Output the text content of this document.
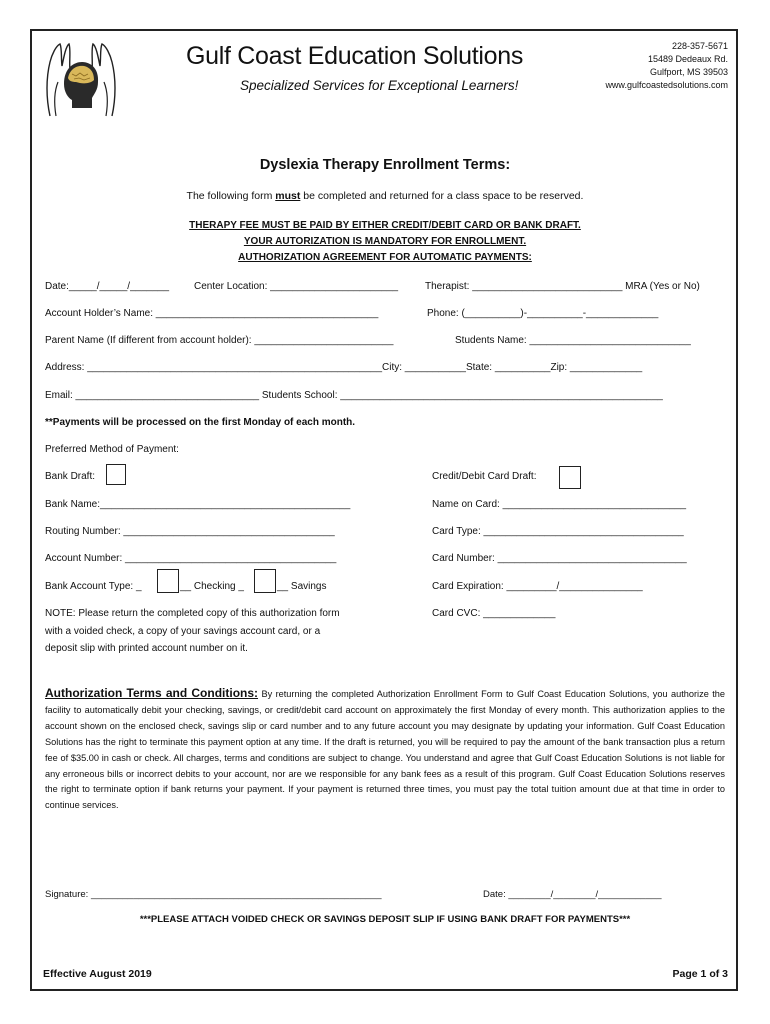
Gulf Coast Education Solutions
Specialized Services for Exceptional Learners!
228-357-5671
15489 Dedeaux Rd.
Gulfport, MS 39503
www.gulfcoastedsolutions.com
Dyslexia Therapy Enrollment Terms:
The following form must be completed and returned for a class space to be reserved.
THERAPY FEE MUST BE PAID BY EITHER CREDIT/DEBIT CARD OR BANK DRAFT.
YOUR AUTORIZATION IS MANDATORY FOR ENROLLMENT.
AUTHORIZATION AGREEMENT FOR AUTOMATIC PAYMENTS:
Date:_____/_____/_______ Center Location: _______________________	Therapist: ___________________________ MRA (Yes or No)
Account Holder’s Name: ________________________________________	Phone: (__________)-__________-_____________
Parent Name (If different from account holder): _________________________	Students Name: _____________________________
Address: _____________________________________________________City: ___________State: __________Zip: _____________
Email: _________________________________ Students School: __________________________________________________________
**Payments will be processed on the first Monday of each month.
Preferred Method of Payment:
Bank Draft:
Bank Name:_____________________________________________
Routing Number: ______________________________________
Account Number: ______________________________________
Bank Account Type: _	__ Checking _	__ Savings
Credit/Debit Card Draft:
Name on Card: _________________________________
Card Type: ____________________________________
Card Number: __________________________________
Card Expiration: _________/_______________
Card CVC: _____________
NOTE: Please return the completed copy of this authorization form
with a voided check, a copy of your savings account card, or a
deposit slip with printed account number on it.
Authorization Terms and Conditions: By returning the completed Authorization Enrollment Form to Gulf Coast Education Solutions, you authorize the facility to automatically debit your checking, savings, or credit/debit card account on approximately the first Monday of every month. This authorization applies to the account shown on the enclosed check, savings slip or card number and to any future account you may designate by updating your information. Gulf Coast Education Solutions has the right to terminate this payment option at any time. If the draft is returned, you will be required to pay the amount of the bank transaction plus a return fee of $35.00 in cash or check. All charges, terms and conditions are subject to change. You understand and agree that Gulf Coast Education Solutions is not liable for any erroneous bills or incorrect debits to your account, nor are we responsible for any bank fees as a result of this program. Gulf Coast Education Solutions reserves the right to terminate option if bank returns your payment. If your payment is returned three times, you must pay the total tuition amount due at that time in order to continue services.
Signature: _______________________________________________________	Date: ________/________/____________
***PLEASE ATTACH VOIDED CHECK OR SAVINGS DEPOSIT SLIP IF USING BANK DRAFT FOR PAYMENTS***
Effective August 2019	Page 1 of 3
